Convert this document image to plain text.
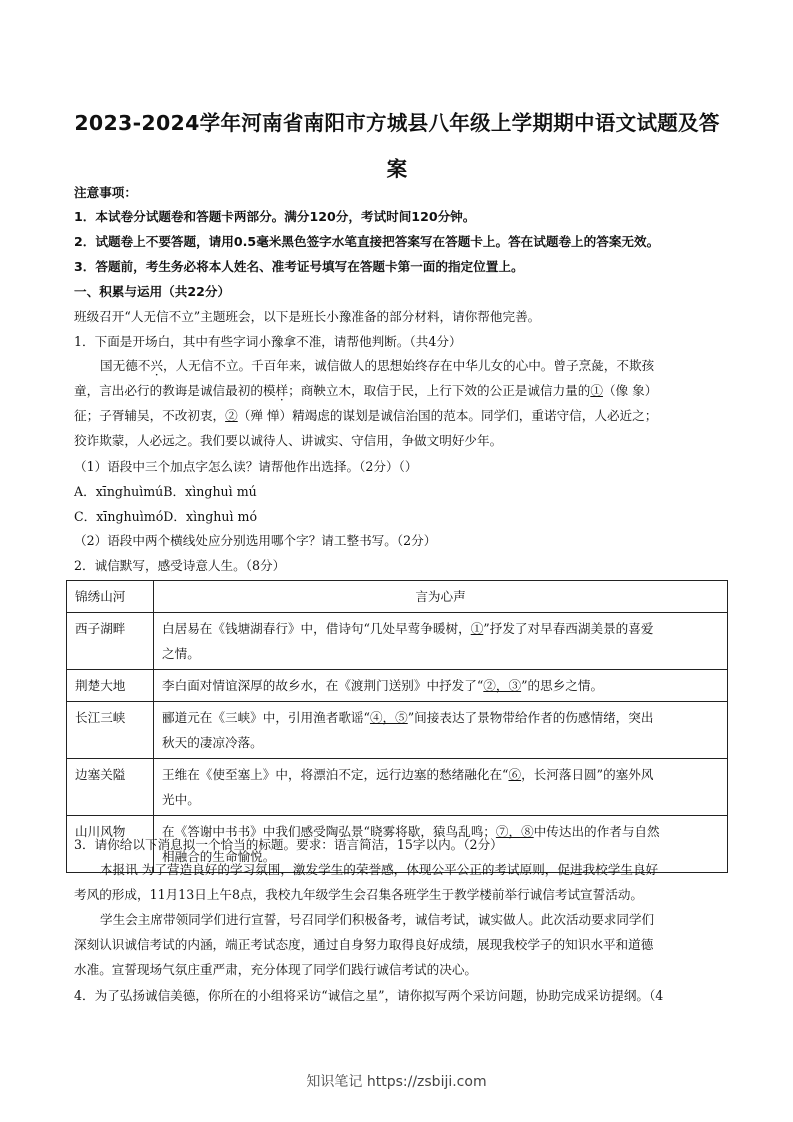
2023-2024学年河南省南阳市方城县八年级上学期期中语文试题及答
案
注意事项：
1．本试卷分试题卷和答题卡两部分。满分120分，考试时间120分钟。
2．试题卷上不要答题，请用0.5毫米黑色签字水笔直接把答案写在答题卡上。答在试题卷上的答案无效。
3．答题前，考生务必将本人姓名、准考证号填写在答题卡第一面的指定位置上。
一、积累与运用（共22分）
班级召开“人无信不立”主题班会，以下是班长小豫准备的部分材料，请你帮他完善。
1．下面是开场白，其中有些字词小豫拿不准，请帮他判断。（共4分）
国无德不兴，人无信不立。千百年来，诚信做人的思想始终存在中华儿女的心中。曾子烹彘，不欺孩
童，言出必行的教诲是诚信最初的模样；商鞅立木，取信于民，上行下效的公正是诚信力量的①（像 象）
征；子胥辅吴，不改初衷，②（殚 惮）精竭虑的谋划是诚信治国的范本。同学们，重诺守信，人必近之；
狡诈欺蒙，人必远之。我们要以诚待人、讲诚实、守信用，争做文明好少年。
（1）语段中三个加点字怎么读？请帮他作出选择。（2分）（）
A．xīnghuìmúB．xìnghuì mú
C．xīnghuìmóD．xìnghuì mó
（2）语段中两个横线处应分别选用哪个字？请工整书写。（2分）
2．诚信默写，感受诗意人生。（8分）
锦绣山河	言为心声
西子湖畔	白居易在《钱塘湖春行》中，借诗句“几处早莺争暖树，①”抒发了对早春西湖美景的喜爱
之情。
荆楚大地	李白面对情谊深厚的故乡水，在《渡荆门送别》中抒发了“②，③”的思乡之情。
长江三峡	郦道元在《三峡》中，引用渔者歌谣“④，⑤”间接表达了景物带给作者的伤感情绪，突出
秋天的凄凉冷落。
边塞关隘	王维在《使至塞上》中，将漂泊不定，远行边塞的愁绪融化在“⑥，长河落日圆”的塞外风
光中。
山川风物	在《答谢中书书》中我们感受陶弘景“晓雾将歇，猿鸟乱鸣；⑦，⑧中传达出的作者与自然
相融合的生命愉悦。
3．请你给以下消息拟一个恰当的标题。要求：语言简洁，15字以内。（2分）
本报讯 为了营造良好的学习氛围，激发学生的荣誉感，体现公平公正的考试原则，促进我校学生良好
考风的形成，11月13日上午8点，我校九年级学生会召集各班学生于教学楼前举行诚信考试宣誓活动。
学生会主席带领同学们进行宣誓，号召同学们积极备考，诚信考试，诚实做人。此次活动要求同学们
深刻认识诚信考试的内涵，端正考试态度，通过自身努力取得良好成绩，展现我校学子的知识水平和道德
水准。宣誓现场气氛庄重严肃，充分体现了同学们践行诚信考试的决心。
4．为了弘扬诚信美德，你所在的小组将采访“诚信之星”，请你拟写两个采访问题，协助完成采访提纲。（4
知识笔记 https://zsbiji.com
